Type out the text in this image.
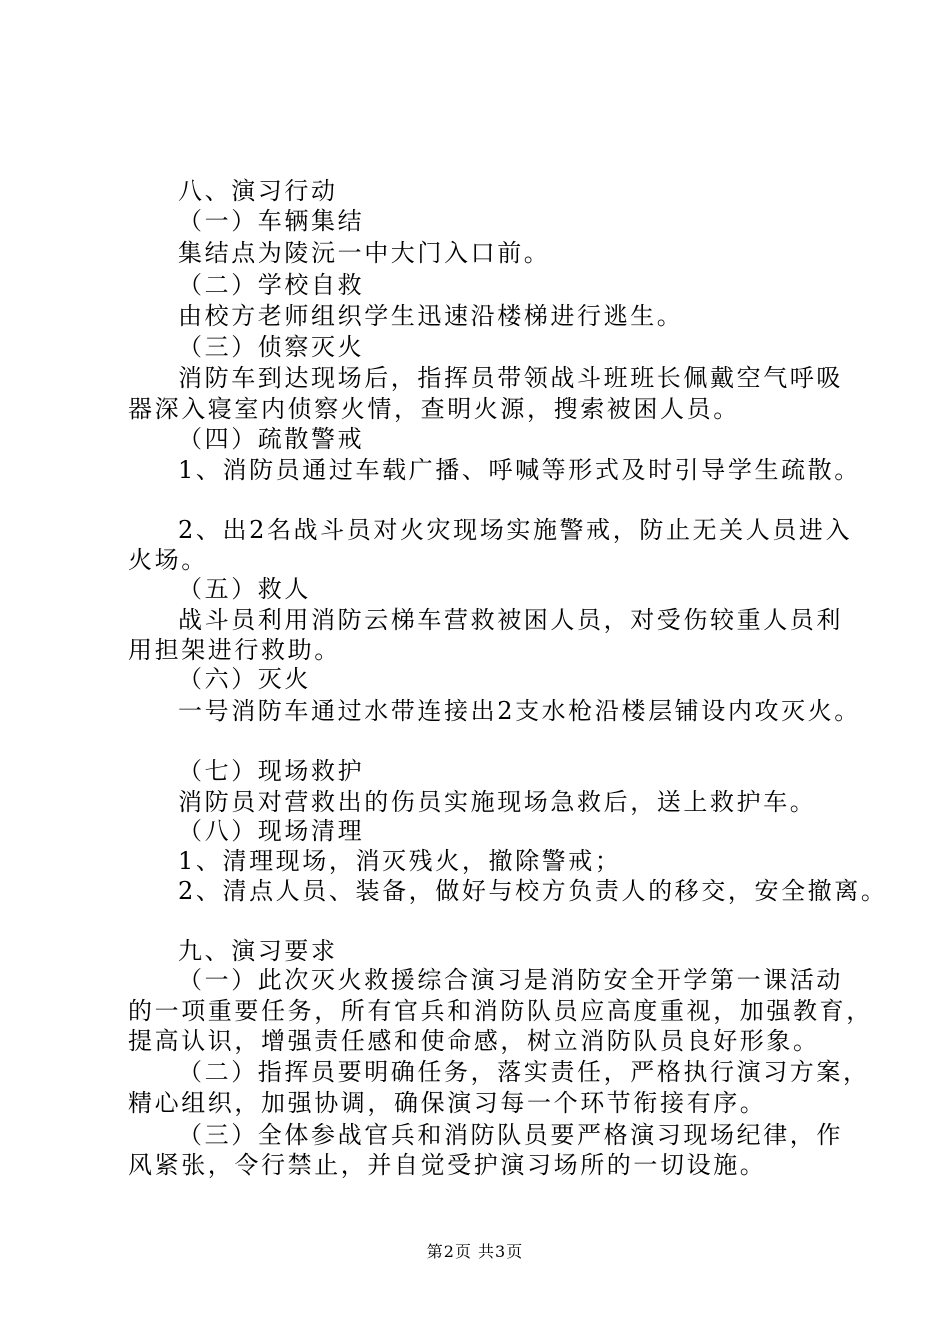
八、演习行动
（一）车辆集结
集结点为陵沅一中大门入口前。
（二）学校自救
由校方老师组织学生迅速沿楼梯进行逃生。
（三）侦察灭火
消防车到达现场后，指挥员带领战斗班班长佩戴空气呼吸
器深入寝室内侦察火情，查明火源，搜索被困人员。
（四）疏散警戒
1、消防员通过车载广播、呼喊等形式及时引导学生疏散。
2、出2名战斗员对火灾现场实施警戒，防止无关人员进入
火场。
（五）救人
战斗员利用消防云梯车营救被困人员，对受伤较重人员利
用担架进行救助。
（六）灭火
一号消防车通过水带连接出2支水枪沿楼层铺设内攻灭火。
（七）现场救护
消防员对营救出的伤员实施现场急救后，送上救护车。
（八）现场清理
1、清理现场，消灭残火，撤除警戒；
2、清点人员、装备，做好与校方负责人的移交，安全撤离。
九、演习要求
（一）此次灭火救援综合演习是消防安全开学第一课活动
的一项重要任务，所有官兵和消防队员应高度重视，加强教育，
提高认识，增强责任感和使命感，树立消防队员良好形象。
（二）指挥员要明确任务，落实责任，严格执行演习方案，
精心组织，加强协调，确保演习每一个环节衔接有序。
（三）全体参战官兵和消防队员要严格演习现场纪律，作
风紧张，令行禁止，并自觉受护演习场所的一切设施。
第2页 共3页
